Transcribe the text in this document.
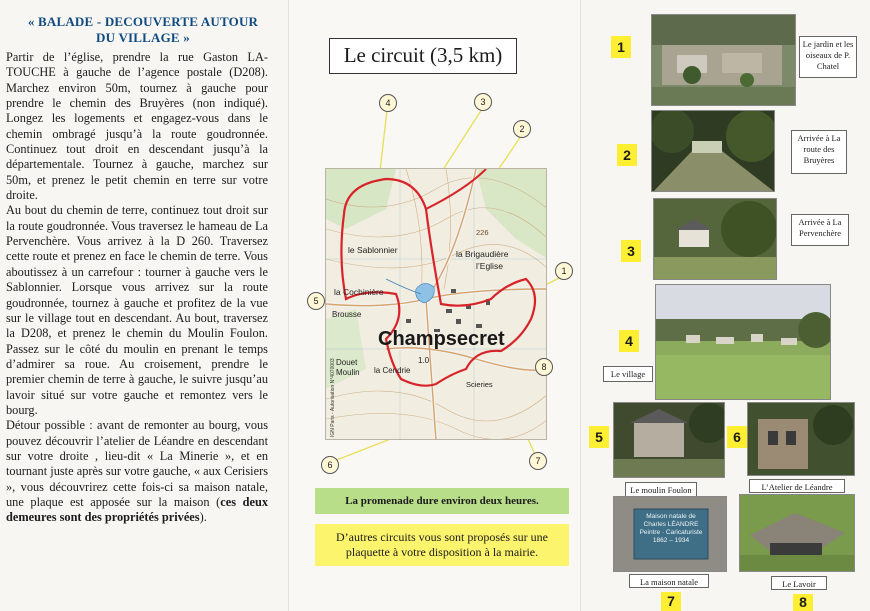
« BALADE - DECOUVERTE AUTOUR
DU VILLAGE »

Partir de l’église, prendre la rue Gaston LA-TOUCHE à gauche de l’agence postale (D208). Marchez environ 50m, tournez à gauche pour prendre le chemin des Bruyères (non indiqué). Longez les logements et engagez-vous dans le chemin ombragé jusqu’à la route goudronnée. Continuez tout droit en descendant jusqu’à la départementale. Tournez à gauche, marchez sur 50m, et prenez le petit chemin en terre sur votre droite.

Au bout du chemin de terre, continuez tout droit sur la route goudronnée. Vous traversez le hameau de La Pervenchère. Vous arrivez à la D 260. Traversez cette route et prenez en face le chemin de terre. Vous aboutissez à un carrefour : tourner à gauche vers le Sablonnier. Lorsque vous arrivez sur la route goudronnée, tournez à gauche et profitez de la vue sur le village tout en descendant. Au bout, traversez la D208, et prenez le chemin du Moulin Foulon. Passez sur le côté du moulin en prenant le temps d’admirer sa roue. Au croisement, prendre le premier chemin de terre à gauche, le suivre jusqu’au lavoir situé sur votre gauche et remontez vers le bourg.

Détour possible : avant de remonter au bourg, vous pouvez découvrir l’atelier de Léandre en descendant sur votre droite , lieu-dit « La Minerie », et en tournant juste après sur votre gauche, « aux Cerisiers », vous découvrirez cette fois-ci sa maison natale, une plaque est apposée sur la maison (ces deux demeures sont des propriétés privées).

Le circuit (3,5 km)
le Sablonnier	la Brigaudière
l’Eglise
la Cochinière
Brousse
Douet
Moulin la Cendrie
Scieries
226
1.0
Champsecret
IGN Paris - Autorisation N°4070003
4	3
2
1
5
8
6	7
La promenade dure environ deux heures.
D’autres circuits vous sont proposés sur une
plaquette à votre disposition à la mairie.
1	Le jardin et les oiseaux de P. Chatel
2
Arrivée à La route des Bruyères
3
Arrivée à La Pervenchère
4
Le village
5
Le moulin Foulon
6
L’Atelier de Léandre
Maison natale de Charles LÉANDRE Peintre · Caricaturiste 1862 – 1934
La maison natale
7
Le Lavoir
8
